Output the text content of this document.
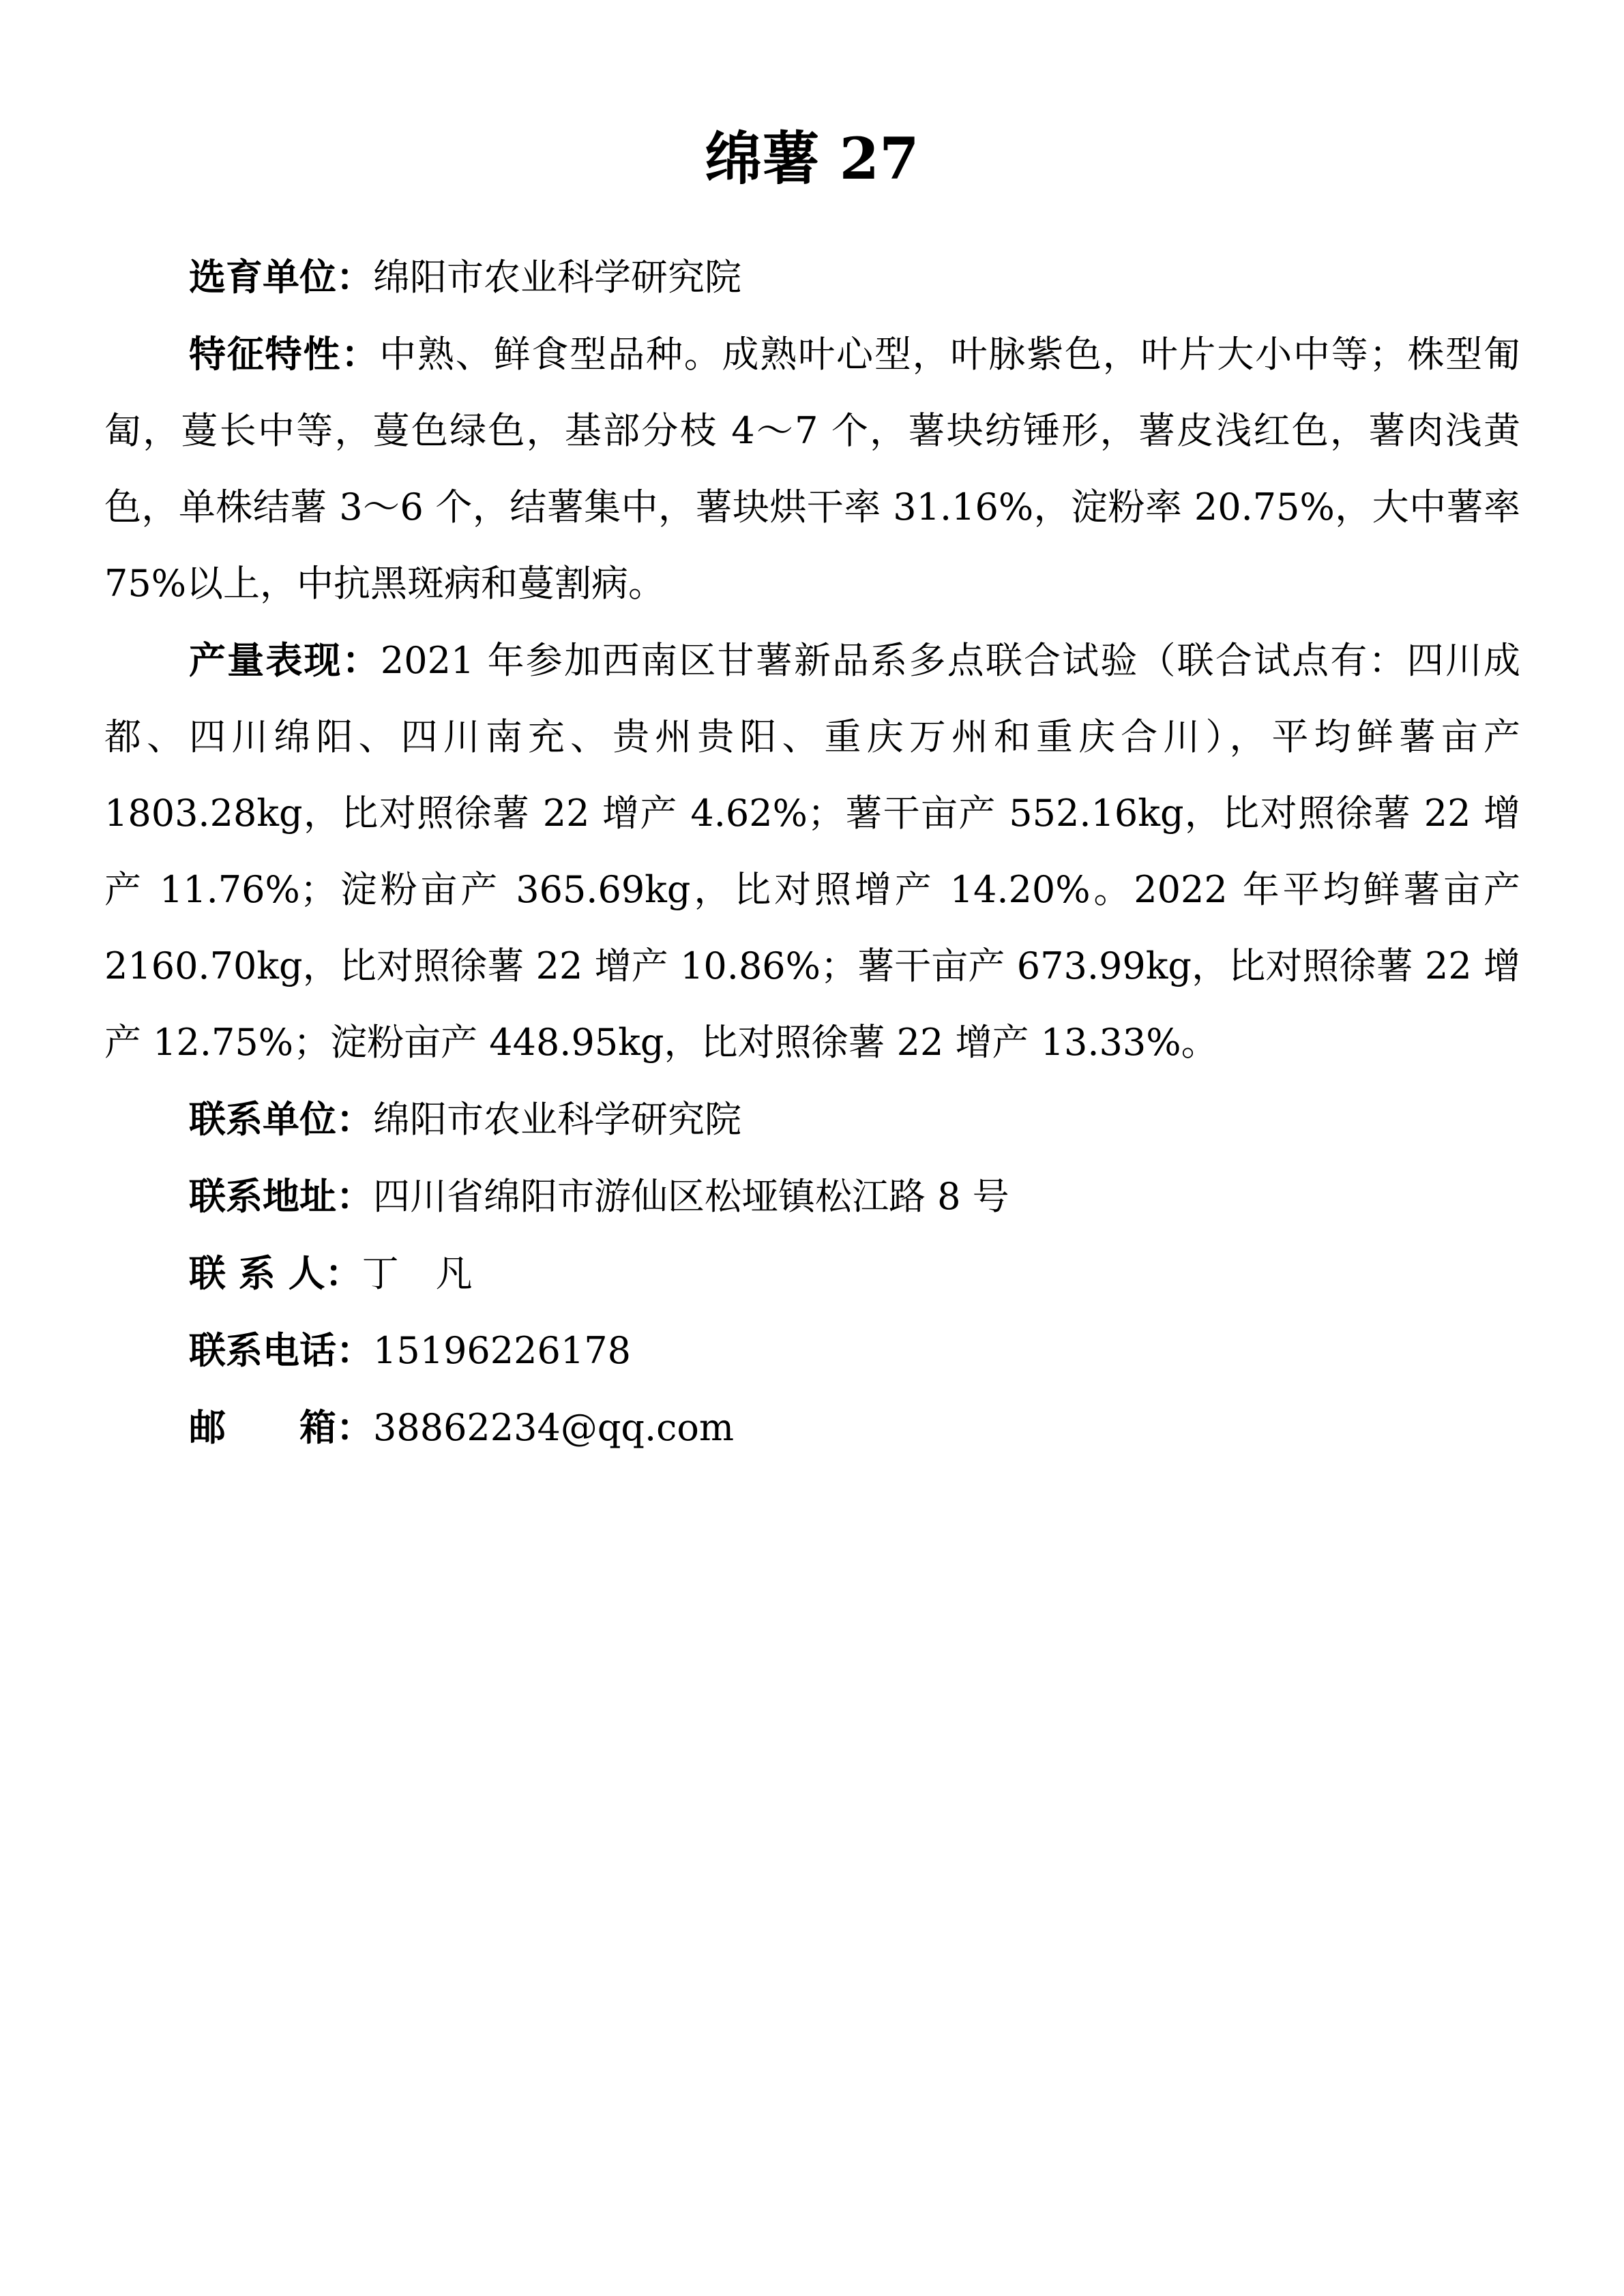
绵薯 27

选育单位：绵阳市农业科学研究院

特征特性：中熟、鲜食型品种。成熟叶心型，叶脉紫色，叶片大小中等；株型匍匐，蔓长中等，蔓色绿色，基部分枝 4～7 个，薯块纺锤形，薯皮浅红色，薯肉浅黄色，单株结薯 3～6 个，结薯集中，薯块烘干率 31.16%，淀粉率 20.75%，大中薯率 75%以上，中抗黑斑病和蔓割病。

产量表现：2021 年参加西南区甘薯新品系多点联合试验（联合试点有：四川成都、四川绵阳、四川南充、贵州贵阳、重庆万州和重庆合川），平均鲜薯亩产 1803.28kg，比对照徐薯 22 增产 4.62%；薯干亩产 552.16kg，比对照徐薯 22 增产 11.76%；淀粉亩产 365.69kg，比对照增产 14.20%。2022 年平均鲜薯亩产 2160.70kg，比对照徐薯 22 增产 10.86%；薯干亩产 673.99kg，比对照徐薯 22 增产 12.75%；淀粉亩产 448.95kg，比对照徐薯 22 增产 13.33%。

联系单位：绵阳市农业科学研究院

联系地址：四川省绵阳市游仙区松垭镇松江路 8 号

联 系 人：丁　凡

联系电话：15196226178

邮　　箱：38862234@qq.com
